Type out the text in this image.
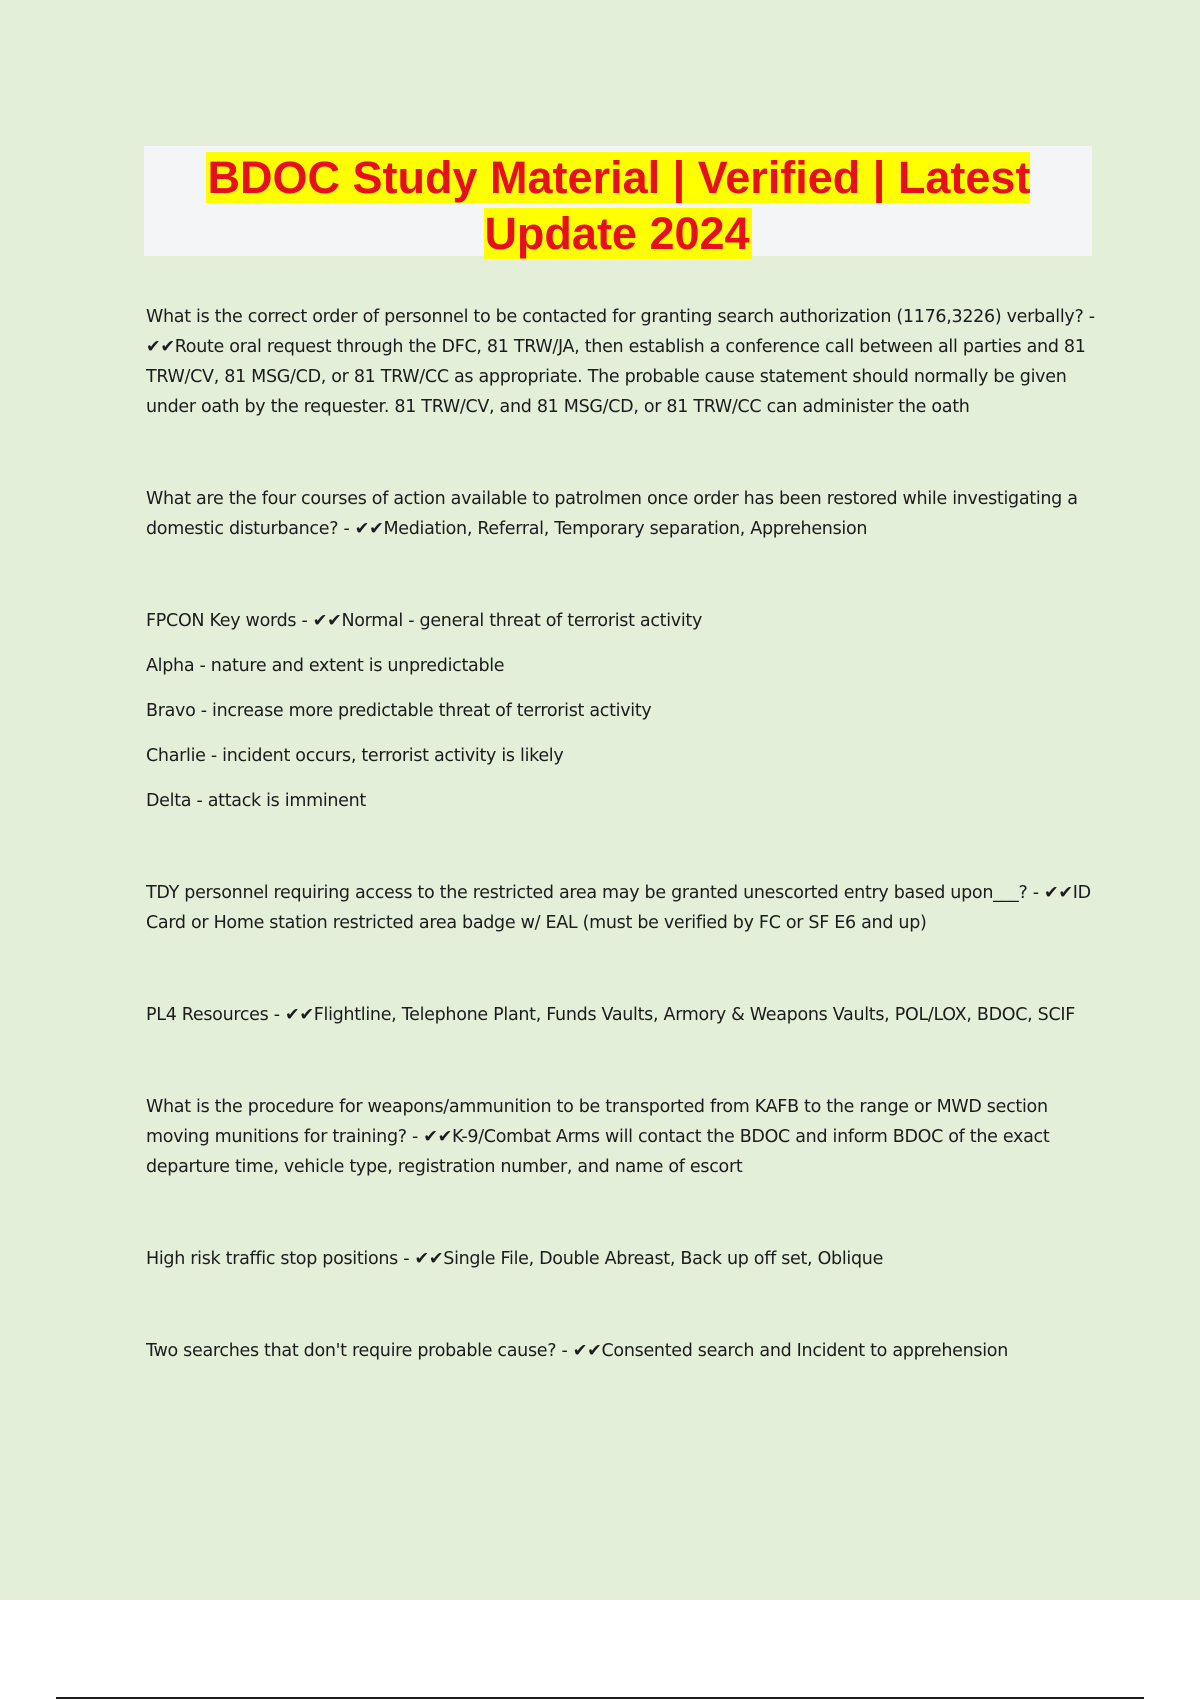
BDOC Study Material | Verified | Latest Update 2024

What is the correct order of personnel to be contacted for granting search authorization (1176,3226) verbally? - ✔✔Route oral request through the DFC, 81 TRW/JA, then establish a conference call between all parties and 81 TRW/CV, 81 MSG/CD, or 81 TRW/CC as appropriate. The probable cause statement should normally be given under oath by the requester. 81 TRW/CV, and 81 MSG/CD, or 81 TRW/CC can administer the oath

What are the four courses of action available to patrolmen once order has been restored while investigating a domestic disturbance? - ✔✔Mediation, Referral, Temporary separation, Apprehension

FPCON Key words - ✔✔Normal - general threat of terrorist activity

Alpha - nature and extent is unpredictable

Bravo - increase more predictable threat of terrorist activity

Charlie - incident occurs, terrorist activity is likely

Delta - attack is imminent

TDY personnel requiring access to the restricted area may be granted unescorted entry based upon___? - ✔✔ID Card or Home station restricted area badge w/ EAL (must be verified by FC or SF E6 and up)

PL4 Resources - ✔✔Flightline, Telephone Plant, Funds Vaults, Armory & Weapons Vaults, POL/LOX, BDOC, SCIF

What is the procedure for weapons/ammunition to be transported from KAFB to the range or MWD section moving munitions for training? - ✔✔K-9/Combat Arms will contact the BDOC and inform BDOC of the exact departure time, vehicle type, registration number, and name of escort

High risk traffic stop positions - ✔✔Single File, Double Abreast, Back up off set, Oblique

Two searches that don't require probable cause? - ✔✔Consented search and Incident to apprehension
